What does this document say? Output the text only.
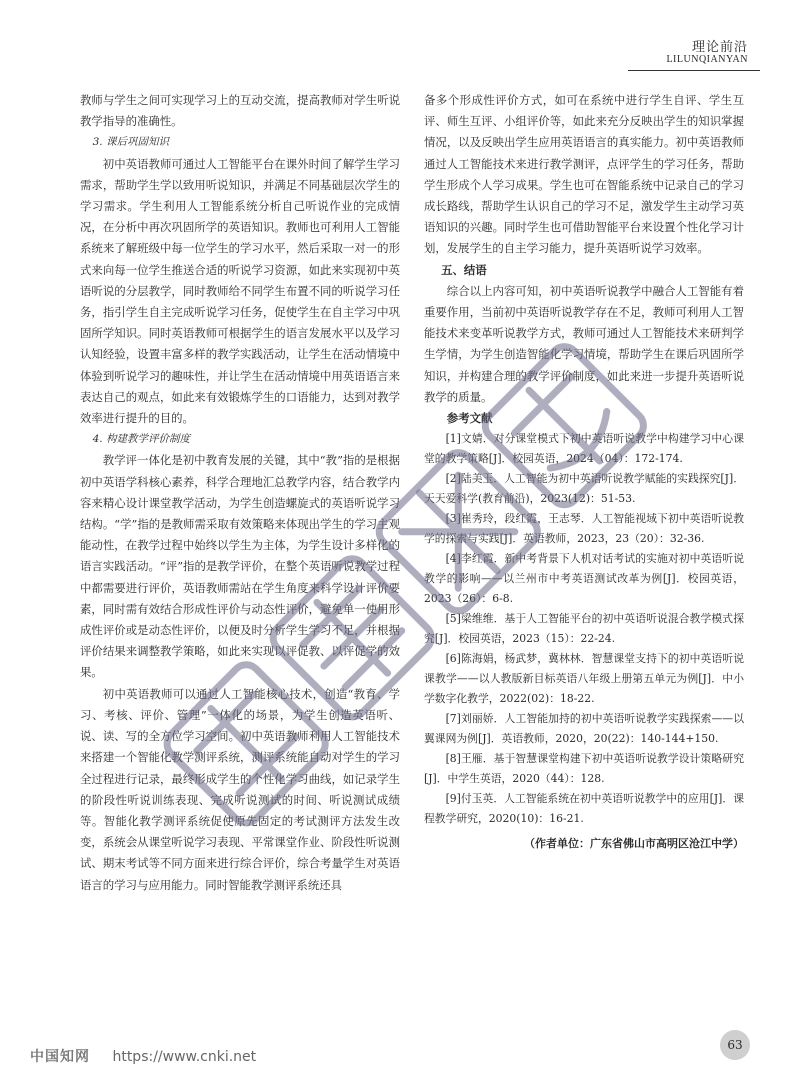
理论前沿
LILUNQIANYAN

教师与学生之间可实现学习上的互动交流，提高教师对学生听说教学指导的准确性。

3. 课后巩固知识

初中英语教师可通过人工智能平台在课外时间了解学生学习需求，帮助学生学以致用听说知识，并满足不同基础层次学生的学习需求。学生利用人工智能系统分析自己听说作业的完成情况，在分析中再次巩固所学的英语知识。教师也可利用人工智能系统来了解班级中每一位学生的学习水平，然后采取一对一的形式来向每一位学生推送合适的听说学习资源，如此来实现初中英语听说的分层教学，同时教师给不同学生布置不同的听说学习任务，指引学生自主完成听说学习任务，促使学生在自主学习中巩固所学知识。同时英语教师可根据学生的语言发展水平以及学习认知经验，设置丰富多样的教学实践活动，让学生在活动情境中体验到听说学习的趣味性，并让学生在活动情境中用英语语言来表达自己的观点，如此来有效锻炼学生的口语能力，达到对教学效率进行提升的目的。

4. 构建教学评价制度

教学评一体化是初中教育发展的关键，其中“教”指的是根据初中英语学科核心素养，科学合理地汇总教学内容，结合教学内容来精心设计课堂教学活动，为学生创造螺旋式的英语听说学习结构。“学”指的是教师需采取有效策略来体现出学生的学习主观能动性，在教学过程中始终以学生为主体，为学生设计多样化的语言实践活动。“评”指的是教学评价，在整个英语听说教学过程中都需要进行评价，英语教师需站在学生角度来科学设计评价要素，同时需有效结合形成性评价与动态性评价，避免单一使用形成性评价或是动态性评价，以便及时分析学生学习不足，并根据评价结果来调整教学策略，如此来实现以评促教、以评促学的效果。

初中英语教师可以通过人工智能核心技术，创造“教育、学习、考核、评价、管理”一体化的场景，为学生创造英语听、说、读、写的全方位学习空间。初中英语教师利用人工智能技术来搭建一个智能化教学测评系统，测评系统能自动对学生的学习全过程进行记录，最终形成学生的个性化学习曲线，如记录学生的阶段性听说训练表现、完成听说测试的时间、听说测试成绩等。智能化教学测评系统促使原先固定的考试测评方法发生改变，系统会从课堂听说学习表现、平常课堂作业、阶段性听说测试、期末考试等不同方面来进行综合评价，综合考量学生对英语语言的学习与应用能力。同时智能教学测评系统还具

备多个形成性评价方式，如可在系统中进行学生自评、学生互评、师生互评、小组评价等，如此来充分反映出学生的知识掌握情况，以及反映出学生应用英语语言的真实能力。初中英语教师通过人工智能技术来进行教学测评，点评学生的学习任务，帮助学生形成个人学习成果。学生也可在智能系统中记录自己的学习成长路线，帮助学生认识自己的学习不足，激发学生主动学习英语知识的兴趣。同时学生也可借助智能平台来设置个性化学习计划，发展学生的自主学习能力，提升英语听说学习效率。

五、结语

综合以上内容可知，初中英语听说教学中融合人工智能有着重要作用，当前初中英语听说教学存在不足，教师可利用人工智能技术来变革听说教学方式，教师可通过人工智能技术来研判学生学情，为学生创造智能化学习情境，帮助学生在课后巩固所学知识，并构建合理的教学评价制度，如此来进一步提升英语听说教学的质量。

参考文献

[1]文婧．对分课堂模式下初中英语听说教学中构建学习中心课堂的教学策略[J]．校园英语，2024（04）：172-174.

[2]陆美玉．人工智能为初中英语听说教学赋能的实践探究[J]．天天爱科学(教育前沿)，2023(12)：51-53.

[3]崔秀玲，段红霞，王志琴．人工智能视域下初中英语听说教学的探索与实践[J]．英语教师，2023，23（20）：32-36.

[4]李红霞．新中考背景下人机对话考试的实施对初中英语听说教学的影响——以兰州市中考英语测试改革为例[J]．校园英语，2023（26）：6-8.

[5]梁维维．基于人工智能平台的初中英语听说混合教学模式探究[J]．校园英语，2023（15）：22-24.

[6]陈海娟，杨武梦，冀林林．智慧课堂支持下的初中英语听说课教学——以人教版新目标英语八年级上册第五单元为例[J]．中小学数字化教学，2022(02)：18-22.

[7]刘丽娇．人工智能加持的初中英语听说教学实践探索——以翼课网为例[J]．英语教师，2020，20(22)：140-144+150.

[8]王雁．基于智慧课堂构建下初中英语听说教学设计策略研究[J]．中学生英语，2020（44）：128.

[9]付玉英．人工智能系统在初中英语听说教学中的应用[J]．课程教学研究，2020(10)：16-21.

（作者单位：广东省佛山市高明区沧江中学）
63
中国知网 https://www.cnki.net
